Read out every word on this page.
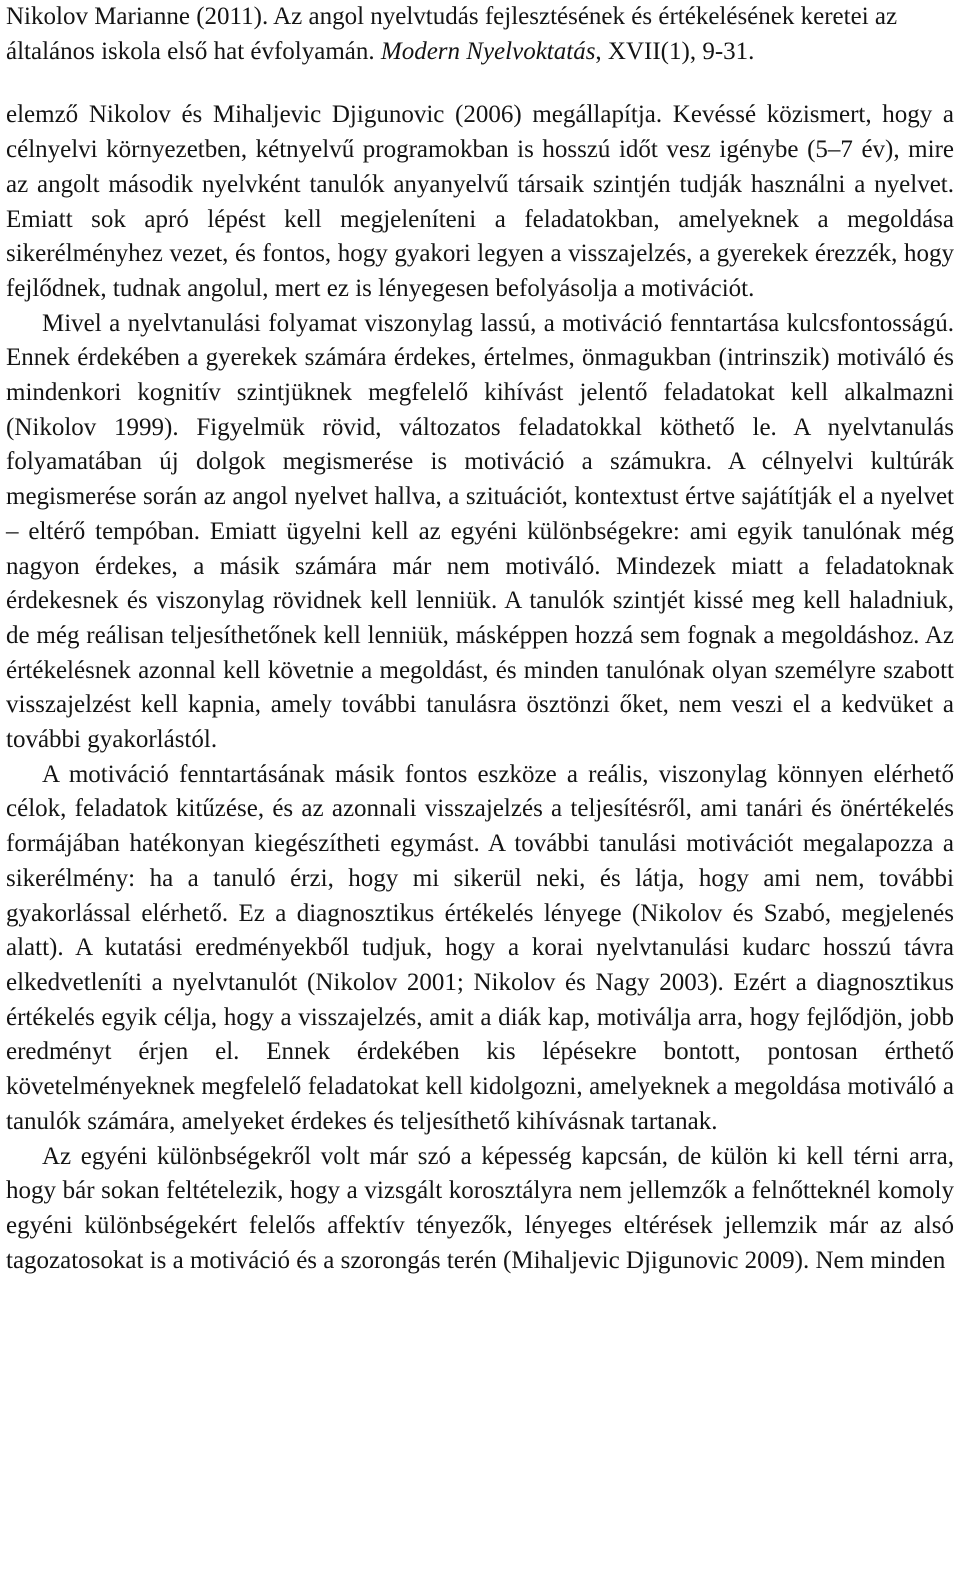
Nikolov Marianne (2011). Az angol nyelvtudás fejlesztésének és értékelésének keretei az általános iskola első hat évfolyamán. Modern Nyelvoktatás, XVII(1), 9-31.

elemző Nikolov és Mihaljevic Djigunovic (2006) megállapítja. Kevéssé közismert, hogy a célnyelvi környezetben, kétnyelvű programokban is hosszú időt vesz igénybe (5–7 év), mire az angolt második nyelvként tanulók anyanyelvű társaik szintjén tudják használni a nyelvet. Emiatt sok apró lépést kell megjeleníteni a feladatokban, amelyeknek a megoldása sikerélményhez vezet, és fontos, hogy gyakori legyen a visszajelzés, a gyerekek érezzék, hogy fejlődnek, tudnak angolul, mert ez is lényegesen befolyásolja a motivációt.

Mivel a nyelvtanulási folyamat viszonylag lassú, a motiváció fenntartása kulcsfontosságú. Ennek érdekében a gyerekek számára érdekes, értelmes, önmagukban (intrinszik) motiváló és mindenkori kognitív szintjüknek megfelelő kihívást jelentő feladatokat kell alkalmazni (Nikolov 1999). Figyelmük rövid, változatos feladatokkal köthető le. A nyelvtanulás folyamatában új dolgok megismerése is motiváció a számukra. A célnyelvi kultúrák megismerése során az angol nyelvet hallva, a szituációt, kontextust értve sajátítják el a nyelvet – eltérő tempóban. Emiatt ügyelni kell az egyéni különbségekre: ami egyik tanulónak még nagyon érdekes, a másik számára már nem motiváló. Mindezek miatt a feladatoknak érdekesnek és viszonylag rövidnek kell lenniük. A tanulók szintjét kissé meg kell haladniuk, de még reálisan teljesíthetőnek kell lenniük, másképpen hozzá sem fognak a megoldáshoz. Az értékelésnek azonnal kell követnie a megoldást, és minden tanulónak olyan személyre szabott visszajelzést kell kapnia, amely további tanulásra ösztönzi őket, nem veszi el a kedvüket a további gyakorlástól.

A motiváció fenntartásának másik fontos eszköze a reális, viszonylag könnyen elérhető célok, feladatok kitűzése, és az azonnali visszajelzés a teljesítésről, ami tanári és önértékelés formájában hatékonyan kiegészítheti egymást. A további tanulási motivációt megalapozza a sikerélmény: ha a tanuló érzi, hogy mi sikerül neki, és látja, hogy ami nem, további gyakorlással elérhető. Ez a diagnosztikus értékelés lényege (Nikolov és Szabó, megjelenés alatt). A kutatási eredményekből tudjuk, hogy a korai nyelvtanulási kudarc hosszú távra elkedvetleníti a nyelvtanulót (Nikolov 2001; Nikolov és Nagy 2003). Ezért a diagnosztikus értékelés egyik célja, hogy a visszajelzés, amit a diák kap, motiválja arra, hogy fejlődjön, jobb eredményt érjen el. Ennek érdekében kis lépésekre bontott, pontosan érthető követelményeknek megfelelő feladatokat kell kidolgozni, amelyeknek a megoldása motiváló a tanulók számára, amelyeket érdekes és teljesíthető kihívásnak tartanak.

Az egyéni különbségekről volt már szó a képesség kapcsán, de külön ki kell térni arra, hogy bár sokan feltételezik, hogy a vizsgált korosztályra nem jellemzők a felnőtteknél komoly egyéni különbségekért felelős affektív tényezők, lényeges eltérések jellemzik már az alsó tagozatosokat is a motiváció és a szorongás terén (Mihaljevic Djigunovic 2009). Nem minden
